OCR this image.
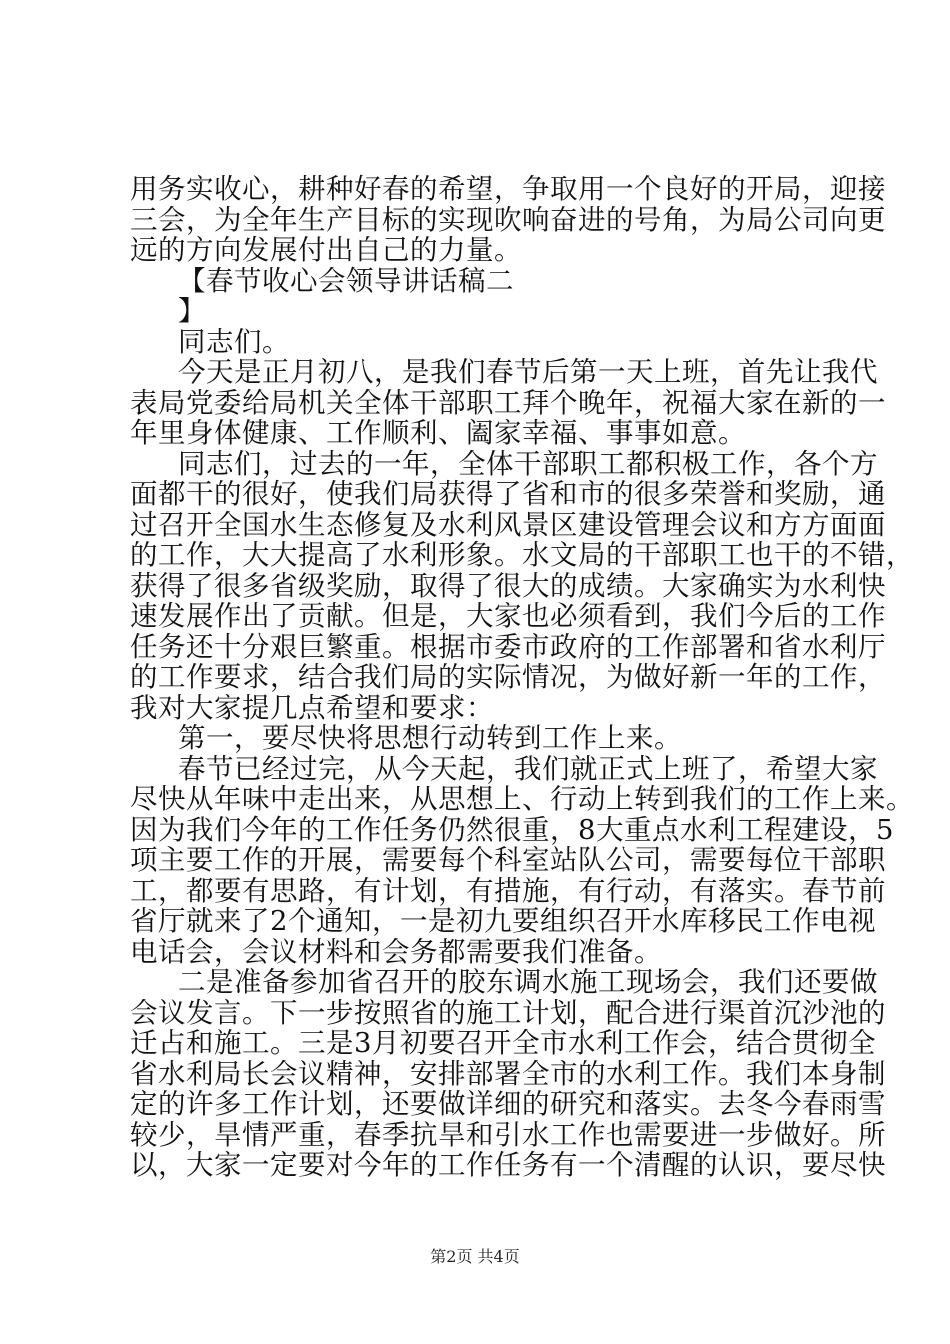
用务实收心，耕种好春的希望，争取用一个良好的开局，迎接
三会，为全年生产目标的实现吹响奋进的号角，为局公司向更
远的方向发展付出自己的力量。
【春节收心会领导讲话稿二
】
同志们。
今天是正月初八，是我们春节后第一天上班，首先让我代
表局党委给局机关全体干部职工拜个晚年，祝福大家在新的一
年里身体健康、工作顺利、阖家幸福、事事如意。
同志们，过去的一年，全体干部职工都积极工作，各个方
面都干的很好，使我们局获得了省和市的很多荣誉和奖励，通
过召开全国水生态修复及水利风景区建设管理会议和方方面面
的工作，大大提高了水利形象。水文局的干部职工也干的不错，
获得了很多省级奖励，取得了很大的成绩。大家确实为水利快
速发展作出了贡献。但是，大家也必须看到，我们今后的工作
任务还十分艰巨繁重。根据市委市政府的工作部署和省水利厅
的工作要求，结合我们局的实际情况，为做好新一年的工作，
我对大家提几点希望和要求：
第一，要尽快将思想行动转到工作上来。
春节已经过完，从今天起，我们就正式上班了，希望大家
尽快从年味中走出来，从思想上、行动上转到我们的工作上来。
因为我们今年的工作任务仍然很重，8大重点水利工程建设，5
项主要工作的开展，需要每个科室站队公司，需要每位干部职
工，都要有思路，有计划，有措施，有行动，有落实。春节前
省厅就来了2个通知，一是初九要组织召开水库移民工作电视
电话会，会议材料和会务都需要我们准备。
二是准备参加省召开的胶东调水施工现场会，我们还要做
会议发言。下一步按照省的施工计划，配合进行渠首沉沙池的
迁占和施工。三是3月初要召开全市水利工作会，结合贯彻全
省水利局长会议精神，安排部署全市的水利工作。我们本身制
定的许多工作计划，还要做详细的研究和落实。去冬今春雨雪
较少，旱情严重，春季抗旱和引水工作也需要进一步做好。所
第2页 共4页
以，大家一定要对今年的工作任务有一个清醒的认识，要尽快
